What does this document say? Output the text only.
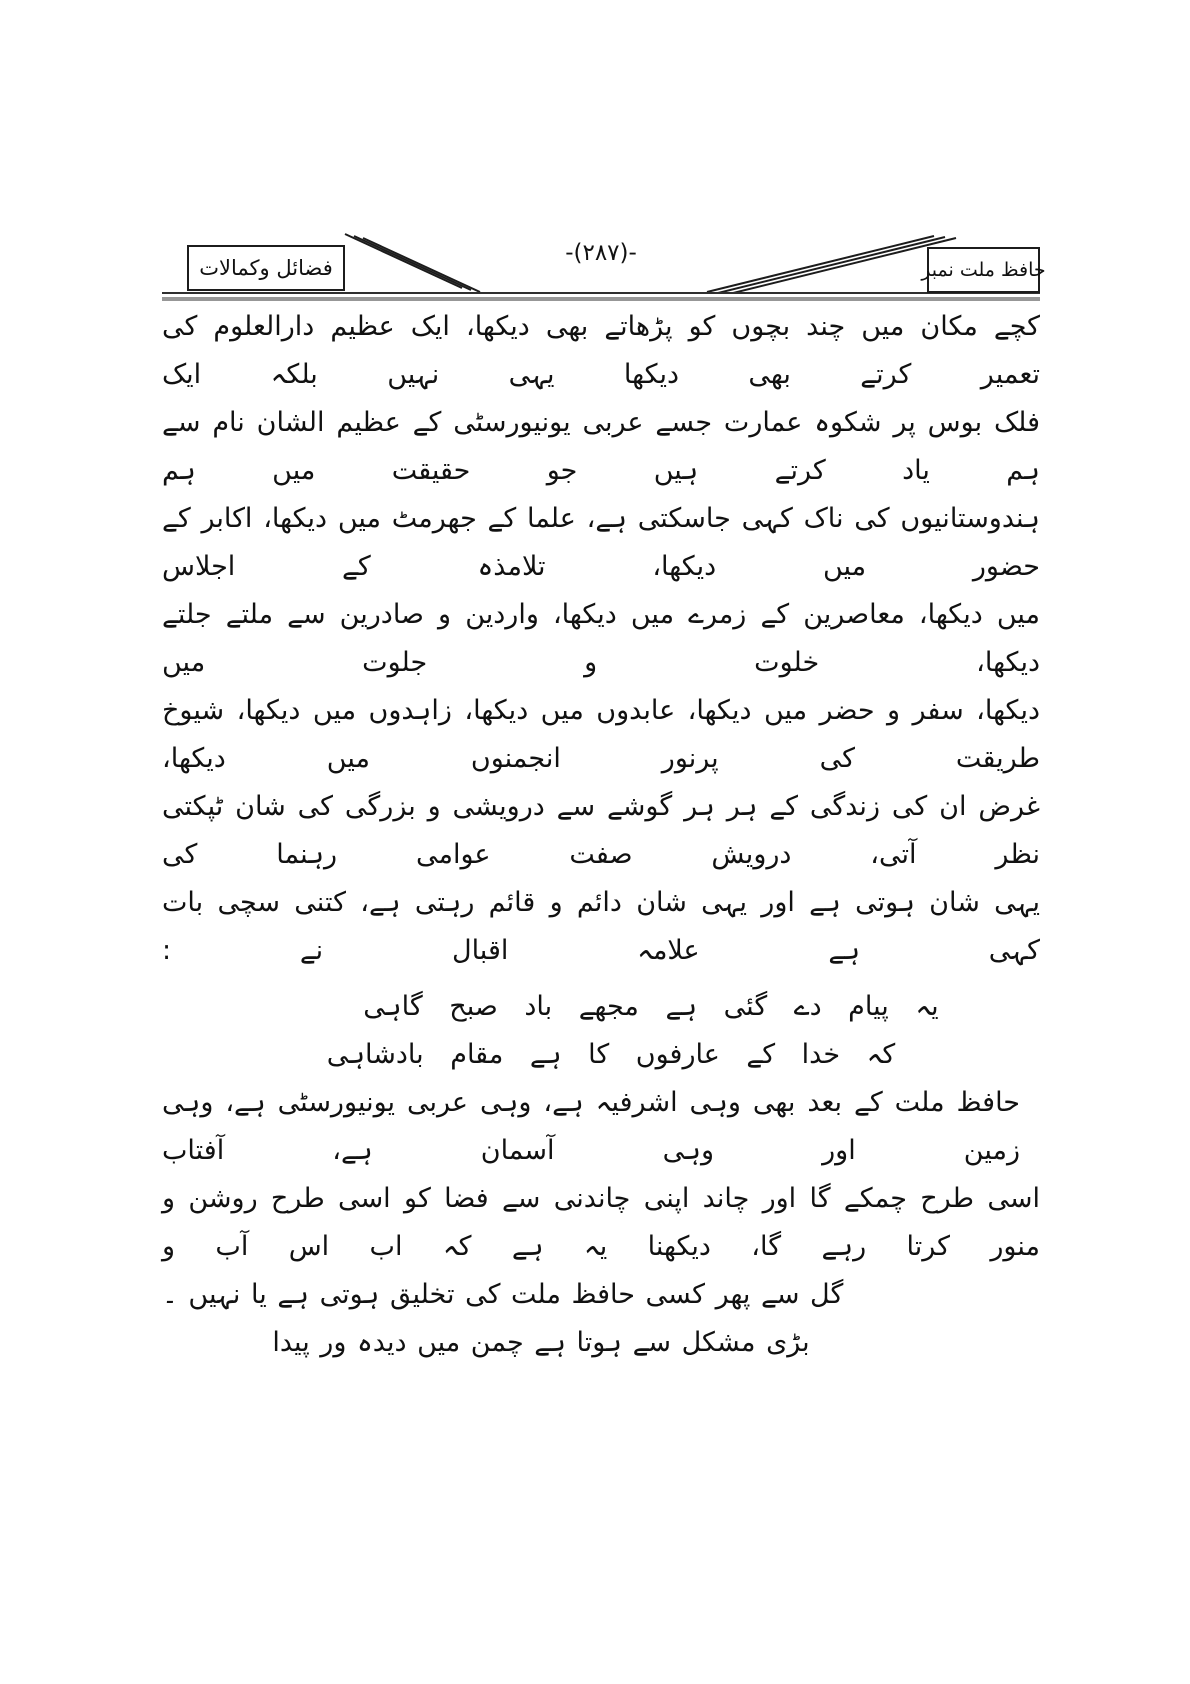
حافظ ملت نمبر
-(۲۸۷)-
فضائل وکمالات
کچے مکان میں چند بچوں کو پڑھاتے بھی دیکھا، ایک عظیم دارالعلوم کی تعمیر کرتے بھی دیکھا یہی نہیں بلکہ ایک
فلک بوس پر شکوہ عمارت جسے عربی یونیورسٹی کے عظیم الشان نام سے ہم یاد کرتے ہیں جو حقیقت میں ہم
ہندوستانیوں کی ناک کہی جاسکتی ہے، علما کے جھرمٹ میں دیکھا، اکابر کے حضور میں دیکھا، تلامذہ کے اجلاس
میں دیکھا، معاصرین کے زمرے میں دیکھا، واردین و صادرین سے ملتے جلتے دیکھا، خلوت و جلوت میں
دیکھا، سفر و حضر میں دیکھا، عابدوں میں دیکھا، زاہدوں میں دیکھا، شیوخ طریقت کی پرنور انجمنوں میں دیکھا،
غرض ان کی زندگی کے ہر ہر گوشے سے درویشی و بزرگی کی شان ٹپکتی نظر آتی، درویش صفت عوامی رہنما کی
یہی شان ہوتی ہے اور یہی شان دائم و قائم رہتی ہے، کتنی سچی بات کہی ہے علامہ اقبال نے :
یہ پیام دے گئی ہے مجھے باد صبح گاہی
کہ خدا کے عارفوں کا ہے مقام بادشاہی
حافظ ملت کے بعد بھی وہی اشرفیہ ہے، وہی عربی یونیورسٹی ہے، وہی زمین اور وہی آسمان ہے، آفتاب
اسی طرح چمکے گا اور چاند اپنی چاندنی سے فضا کو اسی طرح روشن و منور کرتا رہے گا، دیکھنا یہ ہے کہ اب اس آب و
گل سے پھر کسی حافظ ملت کی تخلیق ہوتی ہے یا نہیں ۔
بڑی مشکل سے ہوتا ہے چمن میں دیدہ ور پیدا
